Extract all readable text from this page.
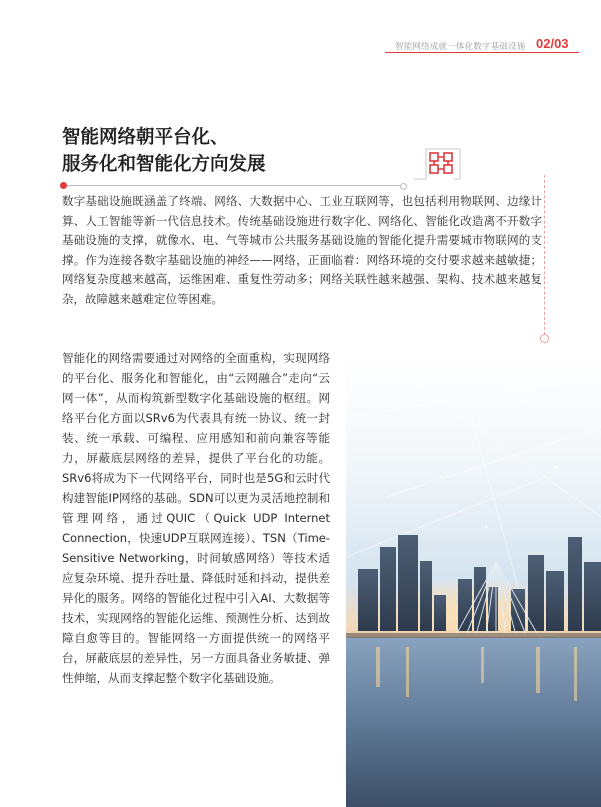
智能网络成就一体化数字基础设施 02/03
智能网络朝平台化、
服务化和智能化方向发展
数字基础设施既涵盖了终端、网络、大数据中心、工业互联网等，也包括利用物联网、边缘计算、人工智能等新一代信息技术。传统基础设施进行数字化、网络化、智能化改造离不开数字基础设施的支撑，就像水、电、气等城市公共服务基础设施的智能化提升需要城市物联网的支撑。作为连接各数字基础设施的神经——网络，正面临着：网络环境的交付要求越来越敏捷；网络复杂度越来越高，运维困难、重复性劳动多；网络关联性越来越强、架构、技术越来越复杂，故障越来越难定位等困难。
智能化的网络需要通过对网络的全面重构，实现网络的平台化、服务化和智能化，由“云网融合”走向“云网一体”，从而构筑新型数字化基础设施的枢纽。网络平台化方面以SRv6为代表具有统一协议、统一封装、统一承载、可编程、应用感知和前向兼容等能力，屏蔽底层网络的差异，提供了平台化的功能。SRv6将成为下一代网络平台，同时也是5G和云时代构建智能IP网络的基础。SDN可以更为灵活地控制和管理网络，通过QUIC（Quick UDP Internet Connection，快速UDP互联网连接）、TSN（Time-Sensitive Networking，时间敏感网络）等技术适应复杂环境、提升吞吐量、降低时延和抖动，提供差异化的服务。网络的智能化过程中引入AI、大数据等技术，实现网络的智能化运维、预测性分析、达到故障自愈等目的。智能网络一方面提供统一的网络平台，屏蔽底层的差异性，另一方面具备业务敏捷、弹性伸缩，从而支撑起整个数字化基础设施。
